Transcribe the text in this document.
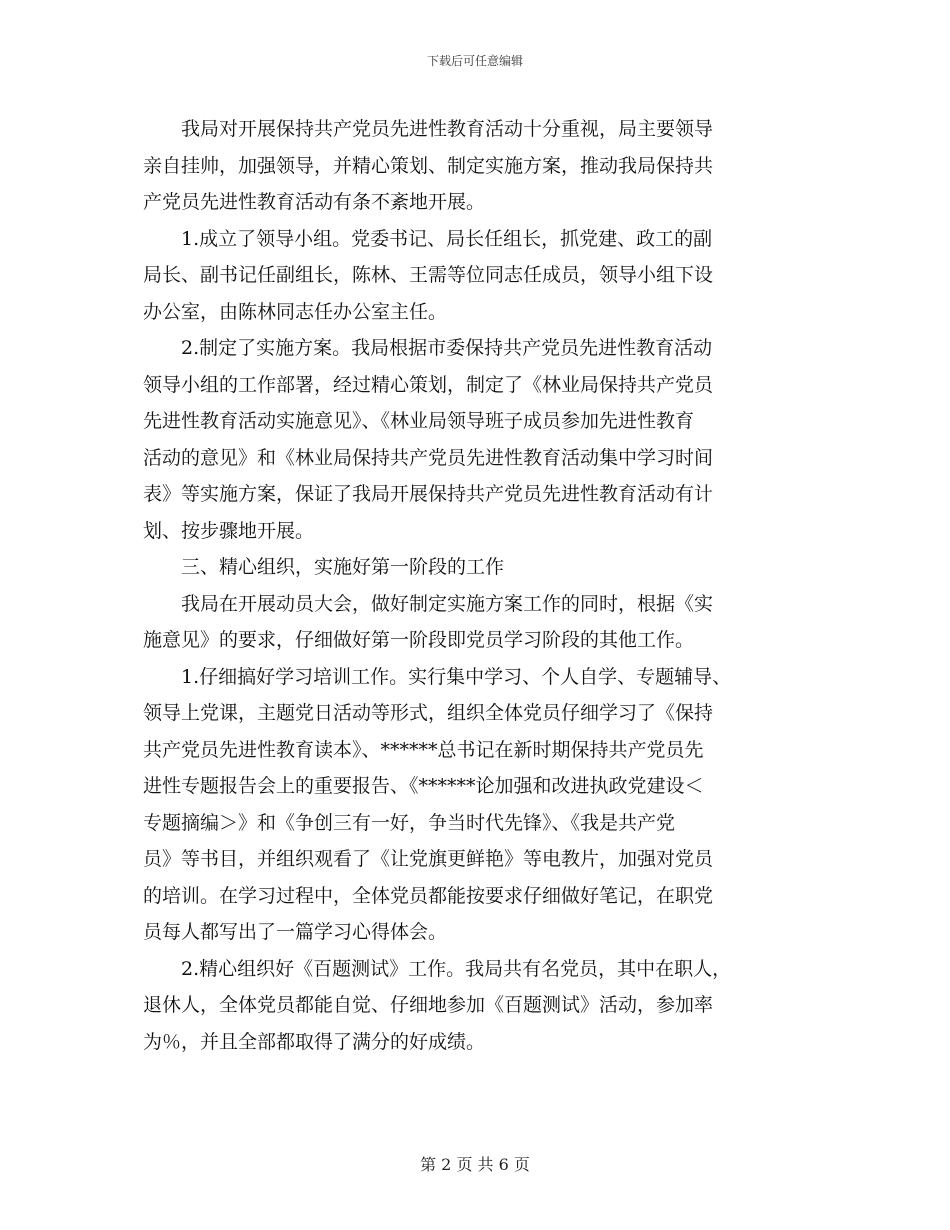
下载后可任意编辑
　　我局对开展保持共产党员先进性教育活动十分重视，局主要领导
亲自挂帅，加强领导，并精心策划、制定实施方案，推动我局保持共
产党员先进性教育活动有条不紊地开展。
　　1.成立了领导小组。党委书记、局长任组长，抓党建、政工的副
局长、副书记任副组长，陈林、王需等位同志任成员，领导小组下设
办公室，由陈林同志任办公室主任。
　　2.制定了实施方案。我局根据市委保持共产党员先进性教育活动
领导小组的工作部署，经过精心策划，制定了《林业局保持共产党员
先进性教育活动实施意见》、《林业局领导班子成员参加先进性教育
活动的意见》和《林业局保持共产党员先进性教育活动集中学习时间
表》等实施方案，保证了我局开展保持共产党员先进性教育活动有计
划、按步骤地开展。
　　三、精心组织，实施好第一阶段的工作
　　我局在开展动员大会，做好制定实施方案工作的同时，根据《实
施意见》的要求，仔细做好第一阶段即党员学习阶段的其他工作。
　　1.仔细搞好学习培训工作。实行集中学习、个人自学、专题辅导、
领导上党课，主题党日活动等形式，组织全体党员仔细学习了《保持
共产党员先进性教育读本》、******总书记在新时期保持共产党员先
进性专题报告会上的重要报告、《******论加强和改进执政党建设＜
专题摘编＞》和《争创三有一好，争当时代先锋》、《我是共产党
员》等书目，并组织观看了《让党旗更鲜艳》等电教片，加强对党员
的培训。在学习过程中，全体党员都能按要求仔细做好笔记，在职党
员每人都写出了一篇学习心得体会。
　　2.精心组织好《百题测试》工作。我局共有名党员，其中在职人，
退休人，全体党员都能自觉、仔细地参加《百题测试》活动，参加率
为％，并且全部都取得了满分的好成绩。
第 2 页 共 6 页
